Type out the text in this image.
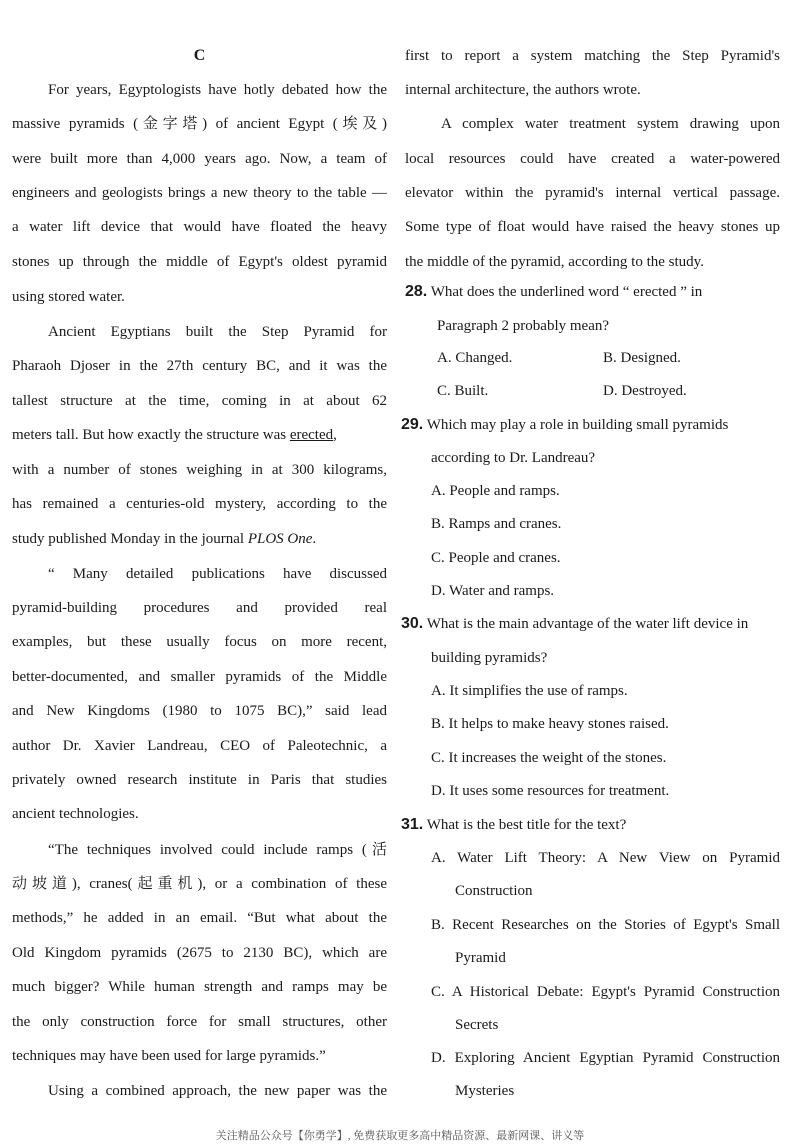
C
For years, Egyptologists have hotly debated how the
massive pyramids (金字塔) of ancient Egypt (埃及)
were built more than 4,000 years ago. Now, a team of
engineers and geologists brings a new theory to the table —
a water lift device that would have floated the heavy
stones up through the middle of Egypt's oldest pyramid
using stored water.
Ancient Egyptians built the Step Pyramid for
Pharaoh Djoser in the 27th century BC, and it was the
tallest structure at the time, coming in at about 62
meters tall. But how exactly the structure was erected,
with a number of stones weighing in at 300 kilograms,
has remained a centuries-old mystery, according to the
study published Monday in the journal PLOS One.
“ Many detailed publications have discussed
pyramid-building procedures and provided real
examples, but these usually focus on more recent,
better-documented, and smaller pyramids of the Middle
and New Kingdoms (1980 to 1075 BC),” said lead
author Dr. Xavier Landreau, CEO of Paleotechnic, a
privately owned research institute in Paris that studies
ancient technologies.
“The techniques involved could include ramps (活
动坡道), cranes(起重机), or a combination of these
methods,” he added in an email. “But what about the
Old Kingdom pyramids (2675 to 2130 BC), which are
much bigger? While human strength and ramps may be
the only construction force for small structures, other
techniques may have been used for large pyramids.”
Using a combined approach, the new paper was the
first to report a system matching the Step Pyramid's
internal architecture, the authors wrote.
A complex water treatment system drawing upon
local resources could have created a water-powered
elevator within the pyramid's internal vertical passage.
Some type of float would have raised the heavy stones up
the middle of the pyramid, according to the study.
28. What does the underlined word “ erected ” in
Paragraph 2 probably mean?
A. Changed.	B. Designed.
C. Built.	D. Destroyed.
29. Which may play a role in building small pyramids
according to Dr. Landreau?
A. People and ramps.
B. Ramps and cranes.
C. People and cranes.
D. Water and ramps.
30. What is the main advantage of the water lift device in
building pyramids?
A. It simplifies the use of ramps.
B. It helps to make heavy stones raised.
C. It increases the weight of the stones.
D. It uses some resources for treatment.
31. What is the best title for the text?
A. Water Lift Theory: A New View on Pyramid
Construction
B. Recent Researches on the Stories of Egypt's Small
Pyramid
C. A Historical Debate: Egypt's Pyramid Construction
Secrets
D. Exploring Ancient Egyptian Pyramid Construction
Mysteries
关注精品公众号【你勇学】, 免费获取更多高中精品资源、最新网课、讲义等
